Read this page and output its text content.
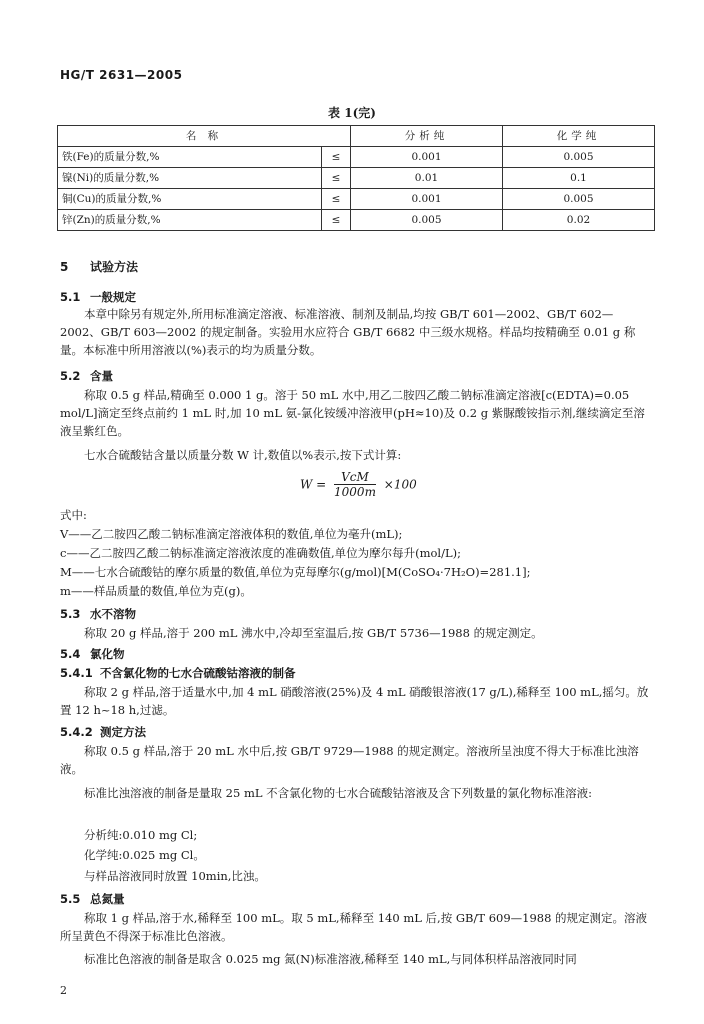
HG/T 2631—2005
表 1(完)
名 称		分析纯	化学纯
铁(Fe)的质量分数,%	≤	0.001	0.005
镍(Ni)的质量分数,%	≤	0.01	0.1
铜(Cu)的质量分数,%	≤	0.001	0.005
锌(Zn)的质量分数,%	≤	0.005	0.02
5 试验方法
5.1 一般规定
本章中除另有规定外,所用标准滴定溶液、标准溶液、制剂及制品,均按 GB/T 601—2002、GB/T 602—2002、GB/T 603—2002 的规定制备。实验用水应符合 GB/T 6682 中三级水规格。样品均按精确至 0.01 g 称量。本标准中所用溶液以(%)表示的均为质量分数。
5.2 含量
称取 0.5 g 样品,精确至 0.000 1 g。溶于 50 mL 水中,用乙二胺四乙酸二钠标准滴定溶液[c(EDTA)=0.05 mol/L]滴定至终点前约 1 mL 时,加 10 mL 氨-氯化铵缓冲溶液甲(pH≈10)及 0.2 g 紫脲酸铵指示剂,继续滴定至溶液呈紫红色。
七水合硫酸钴含量以质量分数 W 计,数值以%表示,按下式计算:
$W = \frac{\text{VcM}}{1000m} \times 100$
式中:
V——乙二胺四乙酸二钠标准滴定溶液体积的数值,单位为毫升(mL);
c——乙二胺四乙酸二钠标准滴定溶液浓度的准确数值,单位为摩尔每升(mol/L);
M——七水合硫酸钴的摩尔质量的数值,单位为克每摩尔(g/mol)[M(CoSO₄·7H₂O)=281.1];
m——样品质量的数值,单位为克(g)。
5.3 水不溶物
称取 20 g 样品,溶于 200 mL 沸水中,冷却至室温后,按 GB/T 5736—1988 的规定测定。
5.4 氯化物
5.4.1 不含氯化物的七水合硫酸钴溶液的制备
称取 2 g 样品,溶于适量水中,加 4 mL 硝酸溶液(25%)及 4 mL 硝酸银溶液(17 g/L),稀释至 100 mL,摇匀。放置 12 h~18 h,过滤。
5.4.2 测定方法
称取 0.5 g 样品,溶于 20 mL 水中后,按 GB/T 9729—1988 的规定测定。溶液所呈浊度不得大于标准比浊溶液。
标准比浊溶液的制备是量取 25 mL 不含氯化物的七水合硫酸钴溶液及含下列数量的氯化物标准溶液:
分析纯:0.010 mg Cl;
化学纯:0.025 mg Cl。
与样品溶液同时放置 10min,比浊。
5.5 总氮量
称取 1 g 样品,溶于水,稀释至 100 mL。取 5 mL,稀释至 140 mL 后,按 GB/T 609—1988 的规定测定。溶液所呈黄色不得深于标准比色溶液。
标准比色溶液的制备是取含 0.025 mg 氮(N)标准溶液,稀释至 140 mL,与同体积样品溶液同时同
2
